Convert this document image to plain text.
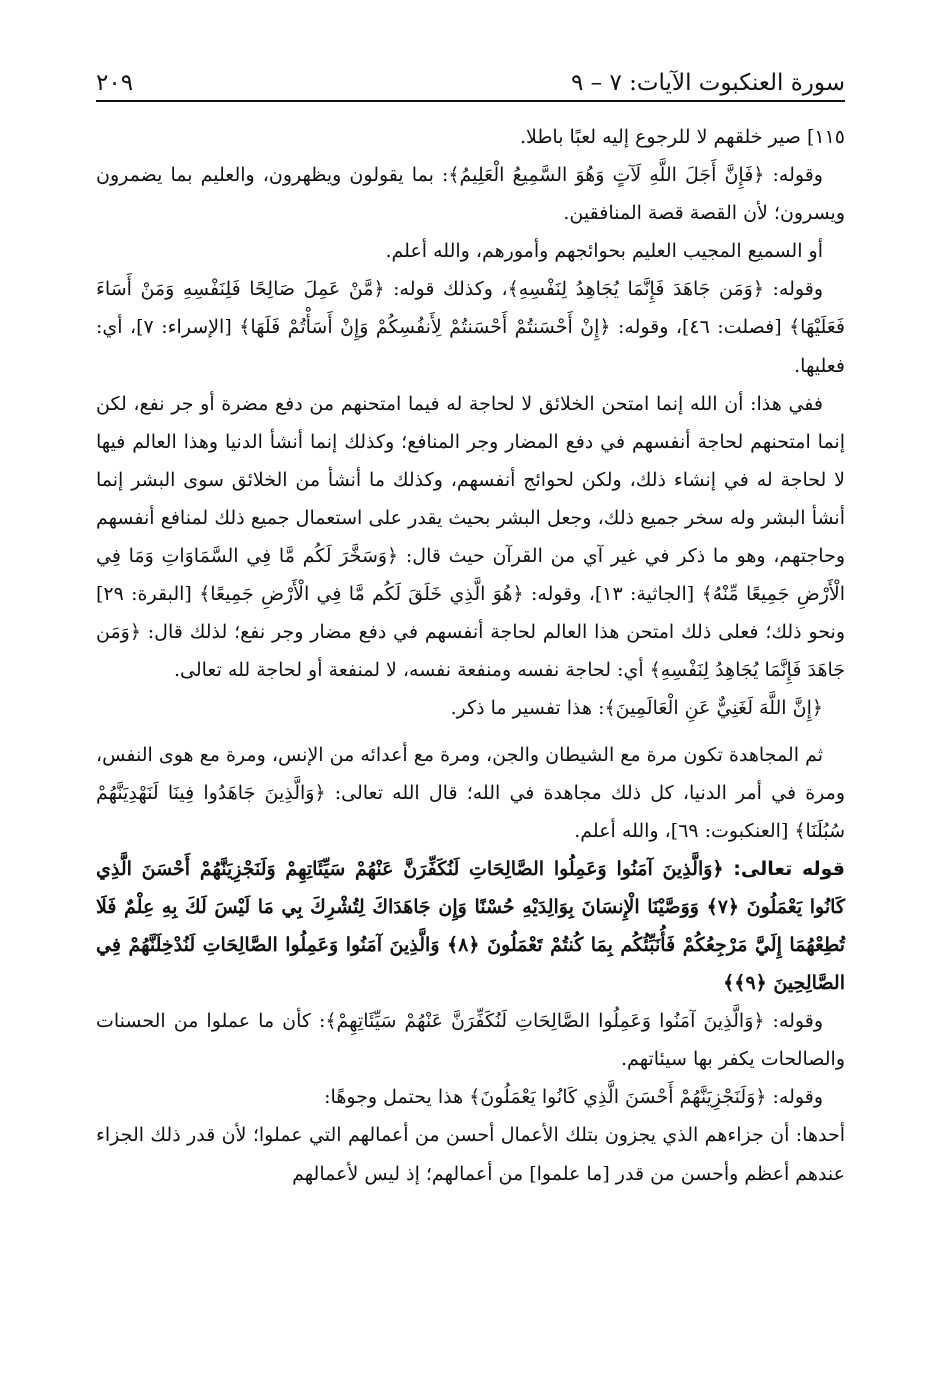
سورة العنكبوت الآيات: ٧ – ٩
٢٠٩

١١٥] صير خلقهم لا للرجوع إليه لعبًا باطلا.

وقوله: ﴿فَإِنَّ أَجَلَ اللَّهِ لَآتٍ وَهُوَ السَّمِيعُ الْعَلِيمُ﴾: بما يقولون ويظهرون، والعليم بما يضمرون ويسرون؛ لأن القصة قصة المنافقين.

أو السميع المجيب العليم بحوائجهم وأمورهم، والله أعلم.

وقوله: ﴿وَمَن جَاهَدَ فَإِنَّمَا يُجَاهِدُ لِنَفْسِهِ﴾، وكذلك قوله: ﴿مَّنْ عَمِلَ صَالِحًا فَلِنَفْسِهِ وَمَنْ أَسَاءَ فَعَلَيْهَا﴾ [فصلت: ٤٦]، وقوله: ﴿إِنْ أَحْسَنتُمْ أَحْسَنتُمْ لِأَنفُسِكُمْ وَإِنْ أَسَأْتُمْ فَلَهَا﴾ [الإسراء: ٧]، أي: فعليها.

ففي هذا: أن الله إنما امتحن الخلائق لا لحاجة له فيما امتحنهم من دفع مضرة أو جر نفع، لكن إنما امتحنهم لحاجة أنفسهم في دفع المضار وجر المنافع؛ وكذلك إنما أنشأ الدنيا وهذا العالم فيها لا لحاجة له في إنشاء ذلك، ولكن لحوائج أنفسهم، وكذلك ما أنشأ من الخلائق سوى البشر إنما أنشأ البشر وله سخر جميع ذلك، وجعل البشر بحيث يقدر على استعمال جميع ذلك لمنافع أنفسهم وحاجتهم، وهو ما ذكر في غير آي من القرآن حيث قال: ﴿وَسَخَّرَ لَكُم مَّا فِي السَّمَاوَاتِ وَمَا فِي الْأَرْضِ جَمِيعًا مِّنْهُ﴾ [الجاثية: ١٣]، وقوله: ﴿هُوَ الَّذِي خَلَقَ لَكُم مَّا فِي الْأَرْضِ جَمِيعًا﴾ [البقرة: ٢٩] ونحو ذلك؛ فعلى ذلك امتحن هذا العالم لحاجة أنفسهم في دفع مضار وجر نفع؛ لذلك قال: ﴿وَمَن جَاهَدَ فَإِنَّمَا يُجَاهِدُ لِنَفْسِهِ﴾ أي: لحاجة نفسه ومنفعة نفسه، لا لمنفعة أو لحاجة لله تعالى.

﴿إِنَّ اللَّهَ لَغَنِيٌّ عَنِ الْعَالَمِينَ﴾: هذا تفسير ما ذكر.

ثم المجاهدة تكون مرة مع الشيطان والجن، ومرة مع أعدائه من الإنس، ومرة مع هوى النفس، ومرة في أمر الدنيا، كل ذلك مجاهدة في الله؛ قال الله تعالى: ﴿وَالَّذِينَ جَاهَدُوا فِينَا لَنَهْدِيَنَّهُمْ سُبُلَنَا﴾ [العنكبوت: ٦٩]، والله أعلم.

قوله تعالى: ﴿وَالَّذِينَ آمَنُوا وَعَمِلُوا الصَّالِحَاتِ لَنُكَفِّرَنَّ عَنْهُمْ سَيِّئَاتِهِمْ وَلَنَجْزِيَنَّهُمْ أَحْسَنَ الَّذِي كَانُوا يَعْمَلُونَ ﴿٧﴾ وَوَصَّيْنَا الْإِنسَانَ بِوَالِدَيْهِ حُسْنًا وَإِن جَاهَدَاكَ لِتُشْرِكَ بِي مَا لَيْسَ لَكَ بِهِ عِلْمٌ فَلَا تُطِعْهُمَا إِلَيَّ مَرْجِعُكُمْ فَأُنَبِّئُكُم بِمَا كُنتُمْ تَعْمَلُونَ ﴿٨﴾ وَالَّذِينَ آمَنُوا وَعَمِلُوا الصَّالِحَاتِ لَنُدْخِلَنَّهُمْ فِي الصَّالِحِينَ ﴿٩﴾﴾

وقوله: ﴿وَالَّذِينَ آمَنُوا وَعَمِلُوا الصَّالِحَاتِ لَنُكَفِّرَنَّ عَنْهُمْ سَيِّئَاتِهِمْ﴾: كأن ما عملوا من الحسنات والصالحات يكفر بها سيئاتهم.

وقوله: ﴿وَلَنَجْزِيَنَّهُمْ أَحْسَنَ الَّذِي كَانُوا يَعْمَلُونَ﴾ هذا يحتمل وجوهًا:

أحدها: أن جزاءهم الذي يجزون بتلك الأعمال أحسن من أعمالهم التي عملوا؛ لأن قدر ذلك الجزاء عندهم أعظم وأحسن من قدر [ما علموا] من أعمالهم؛ إذ ليس لأعمالهم
